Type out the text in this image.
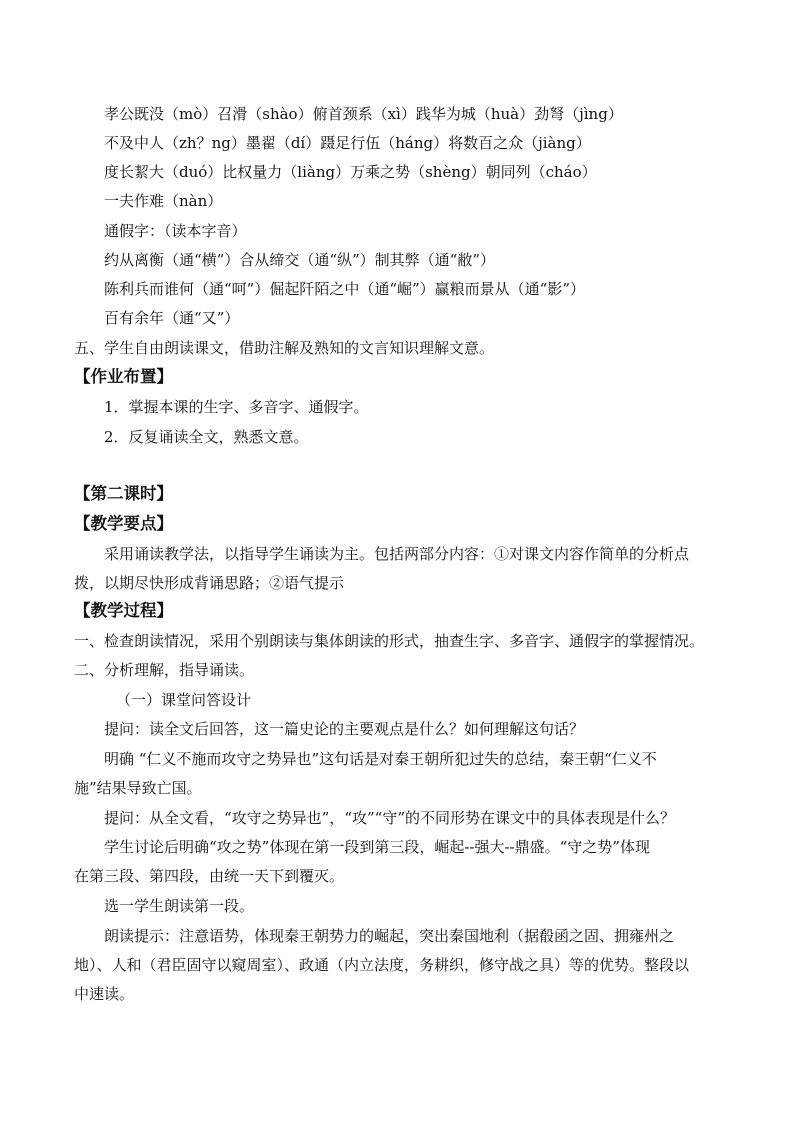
孝公既没（mò）召滑（shào）俯首颈系（xì）践华为城（huà）劲弩（jìng）
不及中人（zh？ng）墨翟（dí）蹑足行伍（háng）将数百之众（jiàng）
度长絜大（duó）比权量力（liàng）万乘之势（shèng）朝同列（cháo）
一夫作难（nàn）
通假字：（读本字音）
约从离衡（通“横”）合从缔交（通“纵”）制其弊（通“敝”）
陈利兵而谁何（通“呵”）倔起阡陌之中（通“崛”）赢粮而景从（通“影”）
百有余年（通“又”）
五、学生自由朗读课文，借助注解及熟知的文言知识理解文意。
【作业布置】
1．掌握本课的生字、多音字、通假字。
2．反复诵读全文，熟悉文意。
【第二课时】
【教学要点】
采用诵读教学法，以指导学生诵读为主。包括两部分内容：①对课文内容作简单的分析点
拨，以期尽快形成背诵思路；②语气提示
【教学过程】
一、检查朗读情况，采用个别朗读与集体朗读的形式，抽查生字、多音字、通假字的掌握情况。
二、分析理解，指导诵读。
（一）课堂问答设计
提问：读全文后回答，这一篇史论的主要观点是什么？如何理解这句话？
明确 “仁义不施而攻守之势异也”这句话是对秦王朝所犯过失的总结，秦王朝“仁义不
施”结果导致亡国。
提问：从全文看，“攻守之势异也”，“攻”“守”的不同形势在课文中的具体表现是什么？
学生讨论后明确“攻之势”体现在第一段到第三段，崛起--强大--鼎盛。“守之势”体现
在第三段、第四段，由统一天下到覆灭。
选一学生朗读第一段。
朗读提示：注意语势，体现秦王朝势力的崛起，突出秦国地利（据殽函之固、拥雍州之
地）、人和（君臣固守以窥周室）、政通（内立法度，务耕织，修守战之具）等的优势。整段以
中速读。
